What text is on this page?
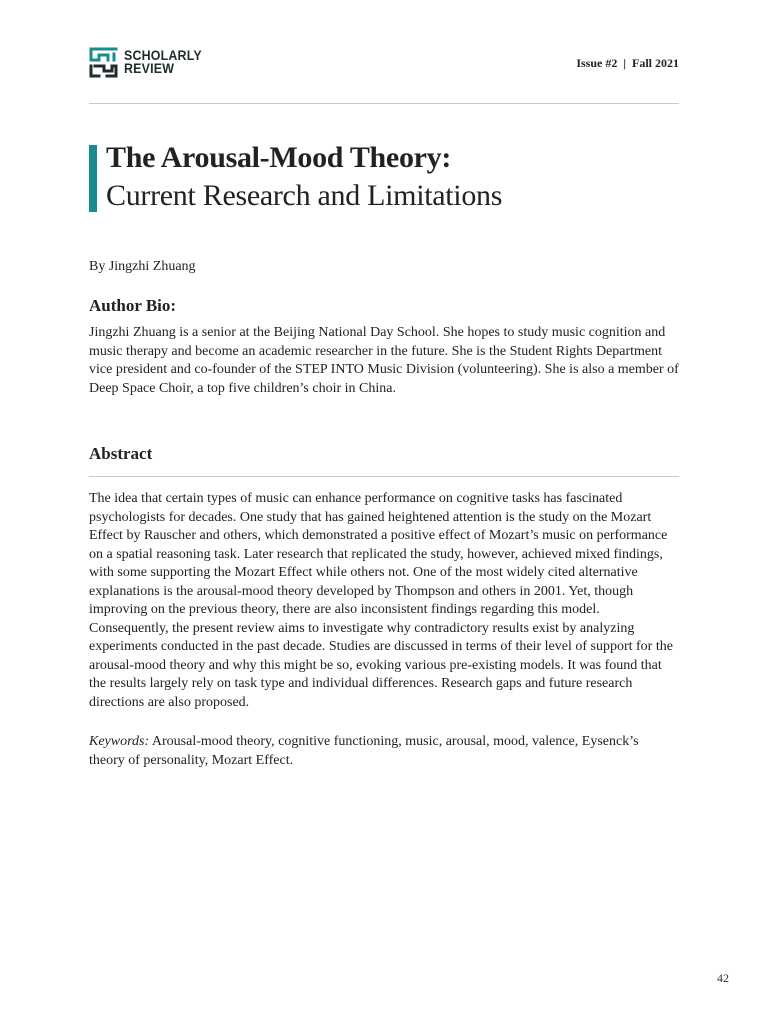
SCHOLARLY
REVIEW	Issue #2  |  Fall 2021
The Arousal-Mood Theory:
Current Research and Limitations
By Jingzhi Zhuang
Author Bio:

Jingzhi Zhuang is a senior at the Beijing National Day School. She hopes to study music cognition and music therapy and become an academic researcher in the future. She is the Student Rights Department vice president and co-founder of the STEP INTO Music Division (volunteering). She is also a member of Deep Space Choir, a top five children’s choir in China.

Abstract

The idea that certain types of music can enhance performance on cognitive tasks has fascinated psychologists for decades. One study that has gained heightened attention is the study on the Mozart Effect by Rauscher and others, which demonstrated a positive effect of Mozart’s music on performance on a spatial reasoning task. Later research that replicated the study, however, achieved mixed findings, with some supporting the Mozart Effect while others not. One of the most widely cited alternative explanations is the arousal-mood theory developed by Thompson and others in 2001. Yet, though improving on the previous theory, there are also inconsistent findings regarding this model. Consequently, the present review aims to investigate why contradictory results exist by analyzing experiments conducted in the past decade. Studies are discussed in terms of their level of support for the arousal-mood theory and why this might be so, evoking various pre-existing models. It was found that the results largely rely on task type and individual differences. Research gaps and future research directions are also proposed.

Keywords: Arousal-mood theory, cognitive functioning, music, arousal, mood, valence, Eysenck’s theory of personality, Mozart Effect.

42
